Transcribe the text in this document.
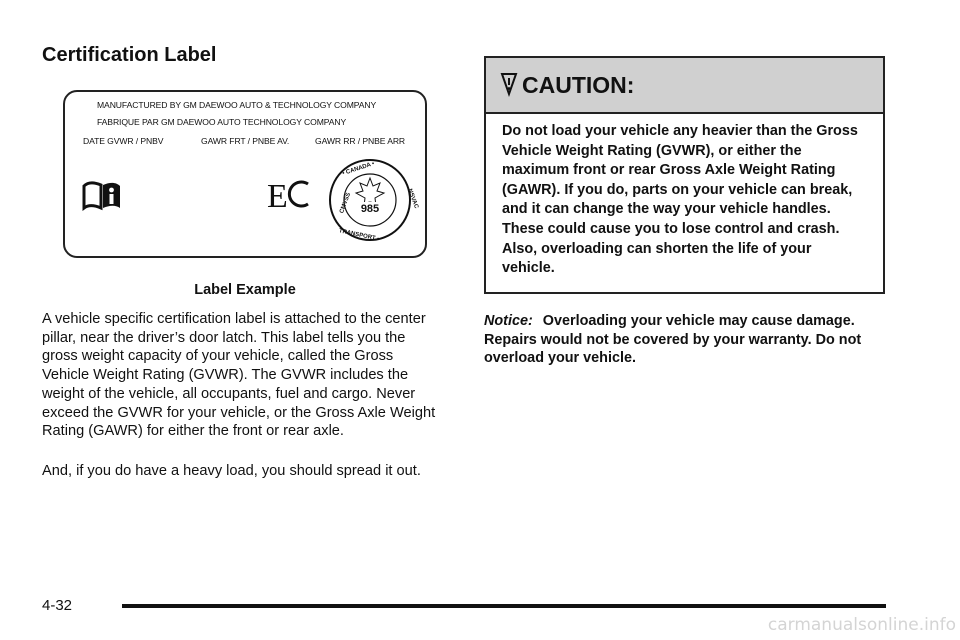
Certification Label
MANUFACTURED BY GM DAEWOO AUTO & TECHNOLOGY COMPANY
FABRIQUE PAR GM DAEWOO AUTO TECHNOLOGY COMPANY
DATE GVWR / PNBV	GAWR FRT / PNBE AV.	GAWR RR / PNBE ARR
E
• CANADA •
TRANSPORT •
CMVSS	NSVAC
985
Label Example

A vehicle specific certification label is attached to the center pillar, near the driver’s door latch. This label tells you the gross weight capacity of your vehicle, called the Gross Vehicle Weight Rating (GVWR). The GVWR includes the weight of the vehicle, all occupants, fuel and cargo. Never exceed the GVWR for your vehicle, or the Gross Axle Weight Rating (GAWR) for either the front or rear axle.

And, if you do have a heavy load, you should spread it out.

CAUTION:
Do not load your vehicle any heavier than the Gross Vehicle Weight Rating (GVWR), or either the maximum front or rear Gross Axle Weight Rating (GAWR). If you do, parts on your vehicle can break, and it can change the way your vehicle handles. These could cause you to lose control and crash. Also, overloading can shorten the life of your vehicle.

Notice: Overloading your vehicle may cause damage. Repairs would not be covered by your warranty. Do not overload your vehicle.

4-32
carmanualsonline.info
